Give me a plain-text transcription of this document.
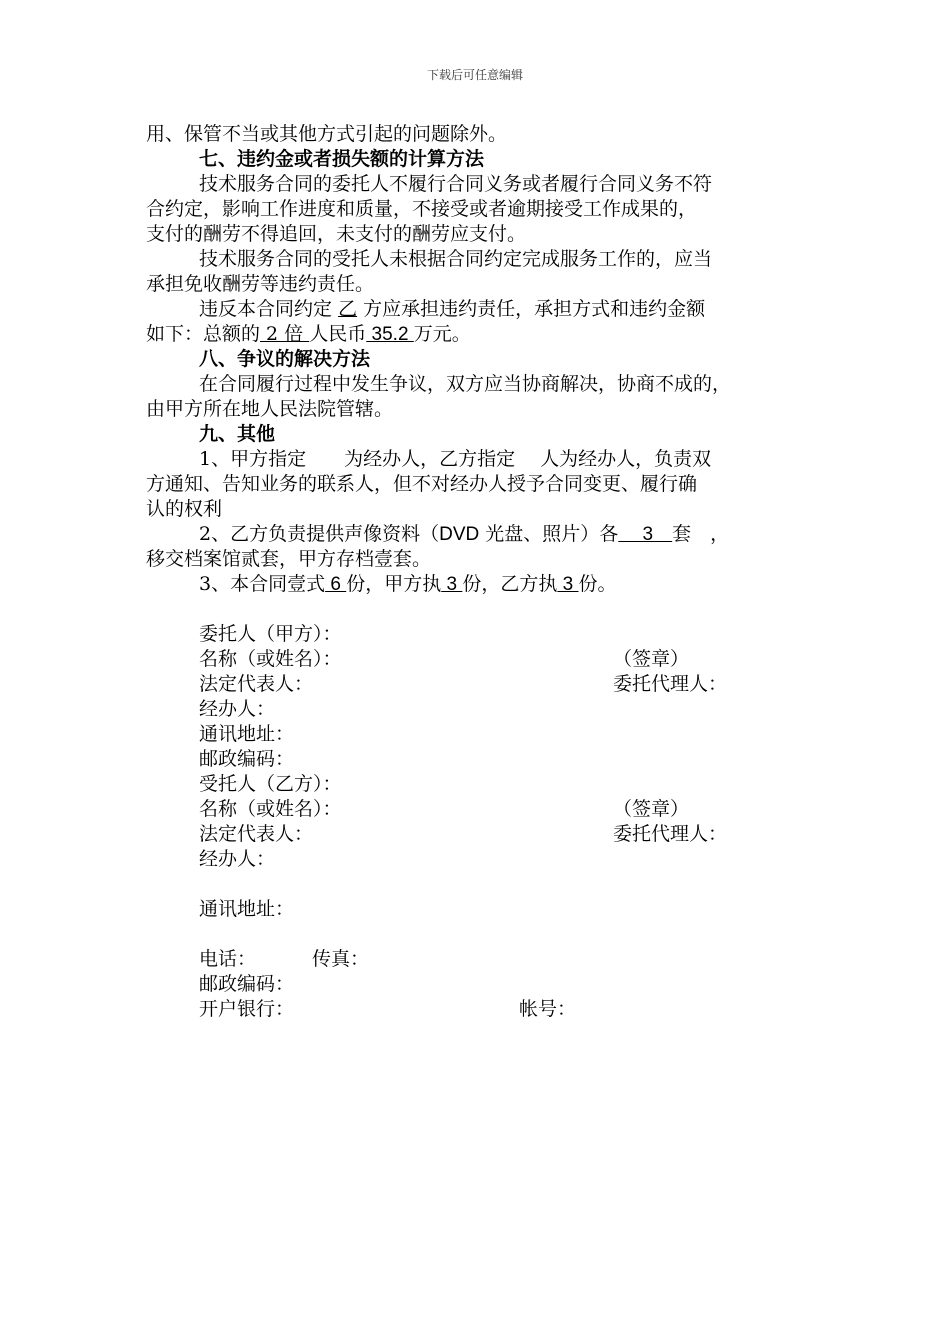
下载后可任意编辑
用、保管不当或其他方式引起的问题除外。
七、违约金或者损失额的计算方法
技术服务合同的委托人不履行合同义务或者履行合同义务不符
合约定，影响工作进度和质量，不接受或者逾期接受工作成果的，
支付的酬劳不得追回，未支付的酬劳应支付。
技术服务合同的受托人未根据合同约定完成服务工作的，应当
承担免收酬劳等违约责任。
违反本合同约定 乙 方应承担违约责任，承担方式和违约金额
如下：总额的 2 倍 人民币 35.2 万元。
八、争议的解决方法
在合同履行过程中发生争议，双方应当协商解决，协商不成的，
由甲方所在地人民法院管辖。
九、其他
1、甲方指定　　为经办人，乙方指定　 人为经办人，负责双
方通知、告知业务的联系人，但不对经办人授予合同变更、履行确
认的权利
2、乙方负责提供声像资料（DVD 光盘、照片）各　 3　套　，
移交档案馆贰套，甲方存档壹套。
3、本合同壹式 6 份，甲方执 3 份，乙方执 3 份。
委托人（甲方）：
名称（或姓名）：	（签章）
法定代表人：	委托代理人：
经办人：
通讯地址：
邮政编码：
受托人（乙方）：
名称（或姓名）：	（签章）
法定代表人：	委托代理人：
经办人：
通讯地址：
电话：	传真：
邮政编码：
开户银行：	帐号：
